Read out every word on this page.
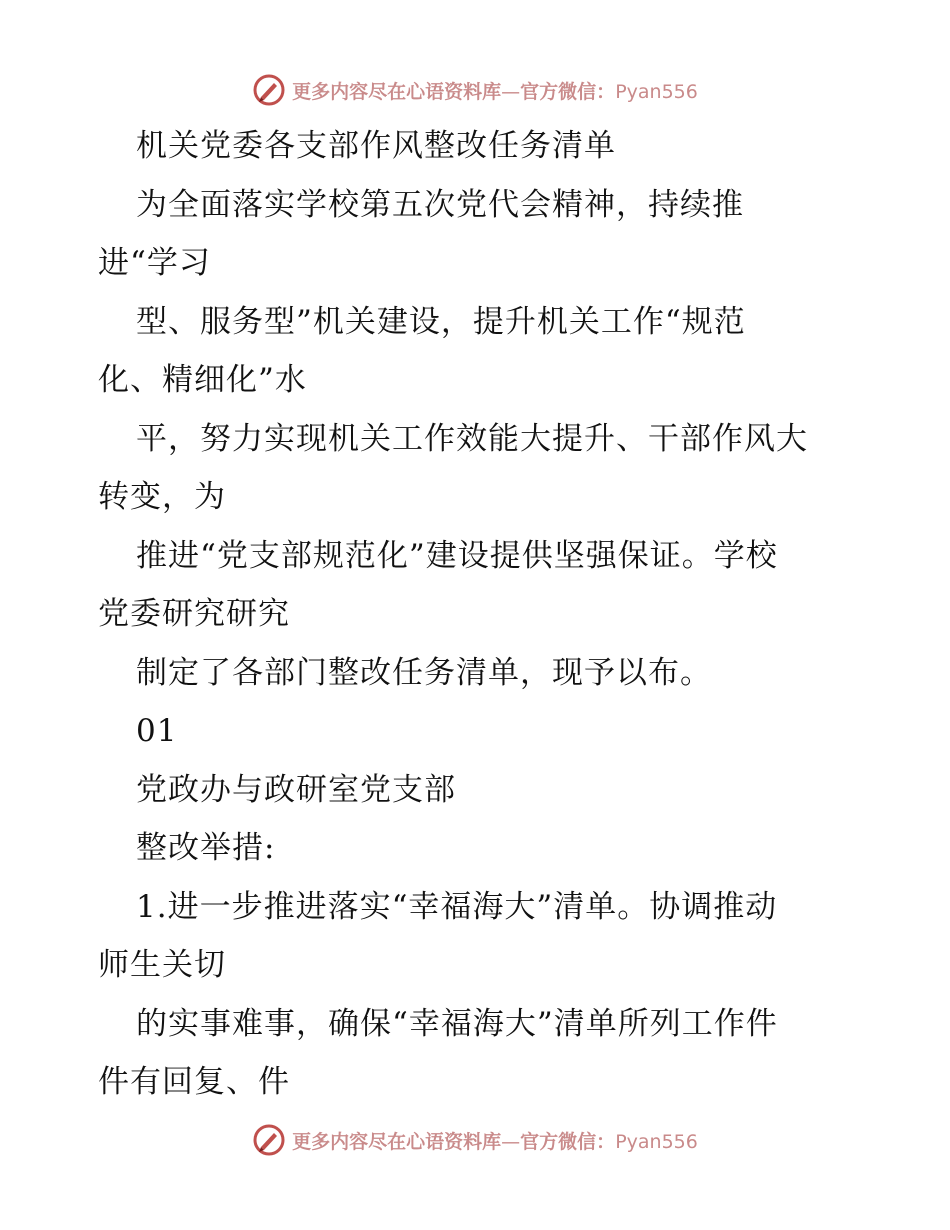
更多内容尽在心语资料库—官方微信：Pyan556
机关党委各支部作风整改任务清单
为全面落实学校第五次党代会精神，持续推
进“学习
型、服务型”机关建设，提升机关工作“规范
化、精细化”水
平，努力实现机关工作效能大提升、干部作风大
转变，为
推进“党支部规范化”建设提供坚强保证。学校
党委研究研究
制定了各部门整改任务清单，现予以布。
01
党政办与政研室党支部
整改举措:
1.进一步推进落实“幸福海大”清单。协调推动
师生关切
的实事难事，确保“幸福海大”清单所列工作件
件有回复、件
更多内容尽在心语资料库—官方微信：Pyan556
